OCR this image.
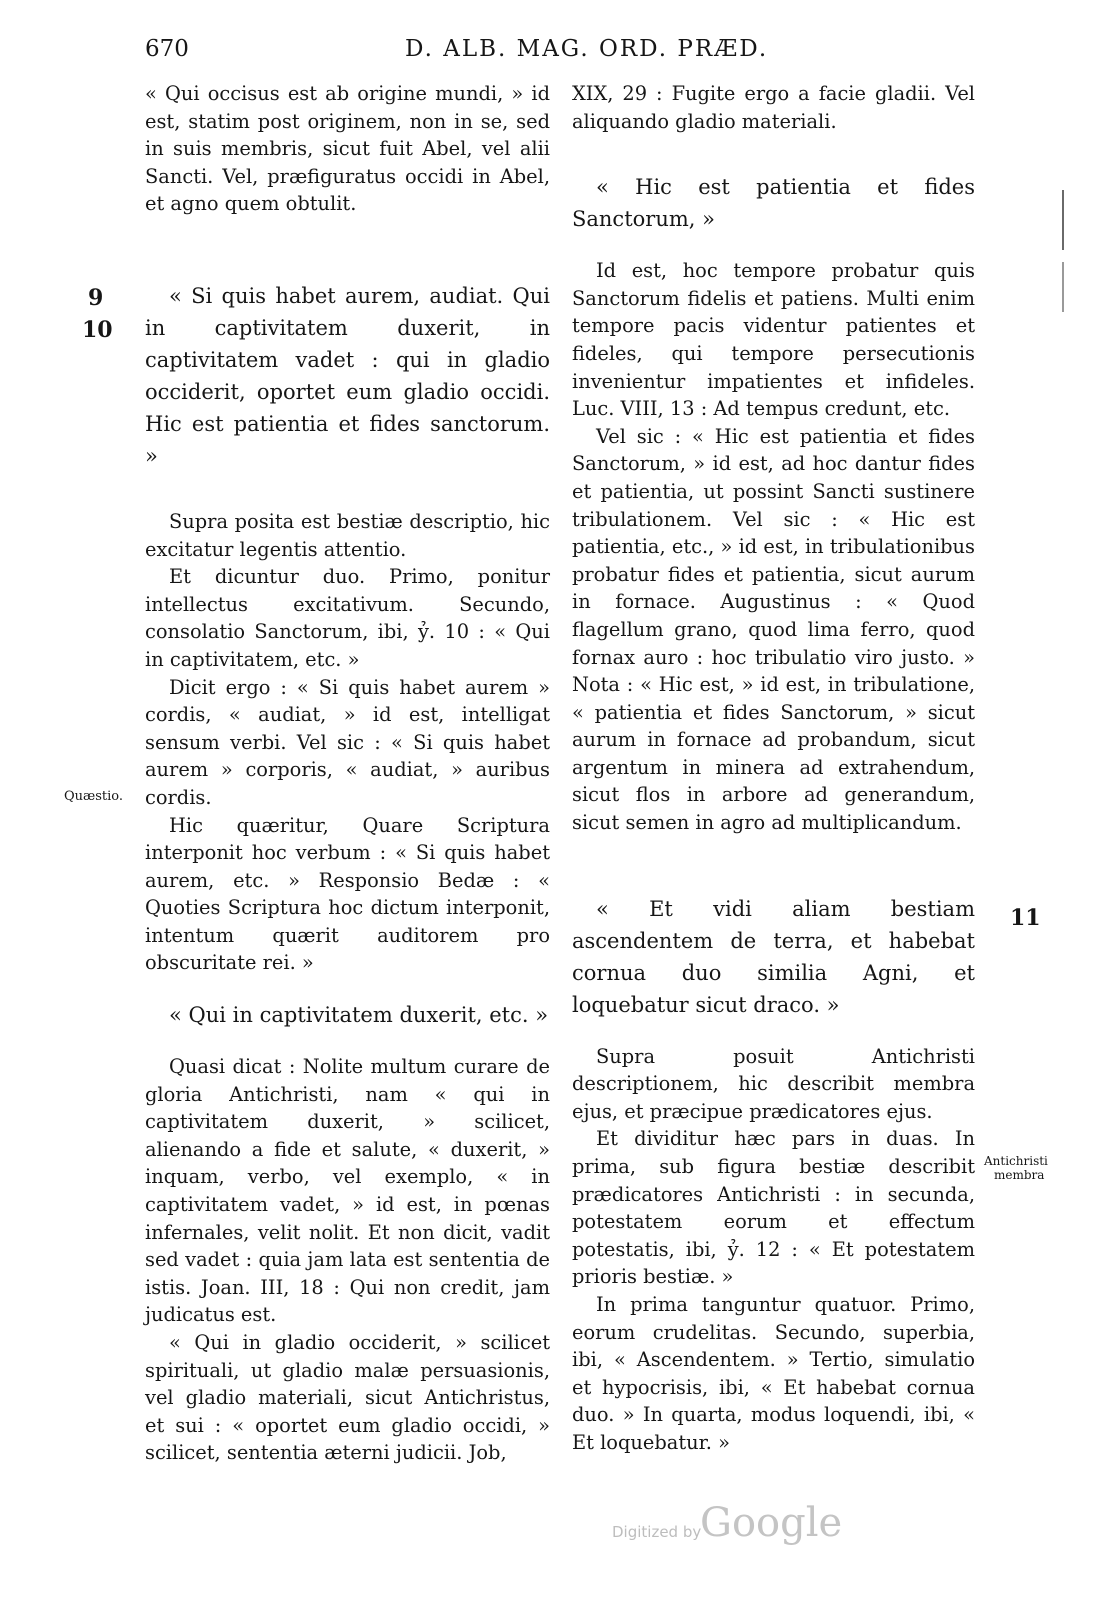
670	D. ALB. MAG. ORD. PRÆD.
9
10
Quæstio.
11
Antichristi
membra

« Qui occisus est ab origine mundi, » id est, statim post originem, non in se, sed in suis membris, sicut fuit Abel, vel alii Sancti. Vel, præfiguratus occidi in Abel, et agno quem obtulit.

« Si quis habet aurem, audiat. Qui in captivitatem duxerit, in captivitatem vadet : qui in gladio occiderit, oportet eum gladio occidi. Hic est patientia et fides sanctorum. »

Supra posita est bestiæ descriptio, hic excitatur legentis attentio.

Et dicuntur duo. Primo, ponitur intellectus excitativum. Secundo, consolatio Sanctorum, ibi, ỷ. 10 : « Qui in captivitatem, etc. »

Dicit ergo : « Si quis habet aurem » cordis, « audiat, » id est, intelligat sensum verbi. Vel sic : « Si quis habet aurem » corporis, « audiat, » auribus cordis.

Hic quæritur, Quare Scriptura interponit hoc verbum : « Si quis habet aurem, etc. » Responsio Bedæ : « Quoties Scriptura hoc dictum interponit, intentum quærit auditorem pro obscuritate rei. »

« Qui in captivitatem duxerit, etc. »

Quasi dicat : Nolite multum curare de gloria Antichristi, nam « qui in captivitatem duxerit, » scilicet, alienando a fide et salute, « duxerit, » inquam, verbo, vel exemplo, « in captivitatem vadet, » id est, in pœnas infernales, velit nolit. Et non dicit, vadit sed vadet : quia jam lata est sententia de istis. Joan. III, 18 : Qui non credit, jam judicatus est.

« Qui in gladio occiderit, » scilicet spirituali, ut gladio malæ persuasionis, vel gladio materiali, sicut Antichristus, et sui : « oportet eum gladio occidi, » scilicet, sententia æterni judicii. Job,

XIX, 29 : Fugite ergo a facie gladii. Vel aliquando gladio materiali.

« Hic est patientia et fides Sanctorum, »

Id est, hoc tempore probatur quis Sanctorum fidelis et patiens. Multi enim tempore pacis videntur patientes et fideles, qui tempore persecutionis invenientur impatientes et infideles. Luc. VIII, 13 : Ad tempus credunt, etc.

Vel sic : « Hic est patientia et fides Sanctorum, » id est, ad hoc dantur fides et patientia, ut possint Sancti sustinere tribulationem. Vel sic : « Hic est patientia, etc., » id est, in tribulationibus probatur fides et patientia, sicut aurum in fornace. Augustinus : « Quod flagellum grano, quod lima ferro, quod fornax auro : hoc tribulatio viro justo. » Nota : « Hic est, » id est, in tribulatione, « patientia et fides Sanctorum, » sicut aurum in fornace ad probandum, sicut argentum in minera ad extrahendum, sicut flos in arbore ad generandum, sicut semen in agro ad multiplicandum.

« Et vidi aliam bestiam ascendentem de terra, et habebat cornua duo similia Agni, et loquebatur sicut draco. »

Supra posuit Antichristi descriptionem, hic describit membra ejus, et præcipue prædicatores ejus.

Et dividitur hæc pars in duas. In prima, sub figura bestiæ describit prædicatores Antichristi : in secunda, potestatem eorum et effectum potestatis, ibi, ỷ. 12 : « Et potestatem prioris bestiæ. »

In prima tanguntur quatuor. Primo, eorum crudelitas. Secundo, superbia, ibi, « Ascendentem. » Tertio, simulatio et hypocrisis, ibi, « Et habebat cornua duo. » In quarta, modus loquendi, ibi, « Et loquebatur. »

Digitized by
Google
